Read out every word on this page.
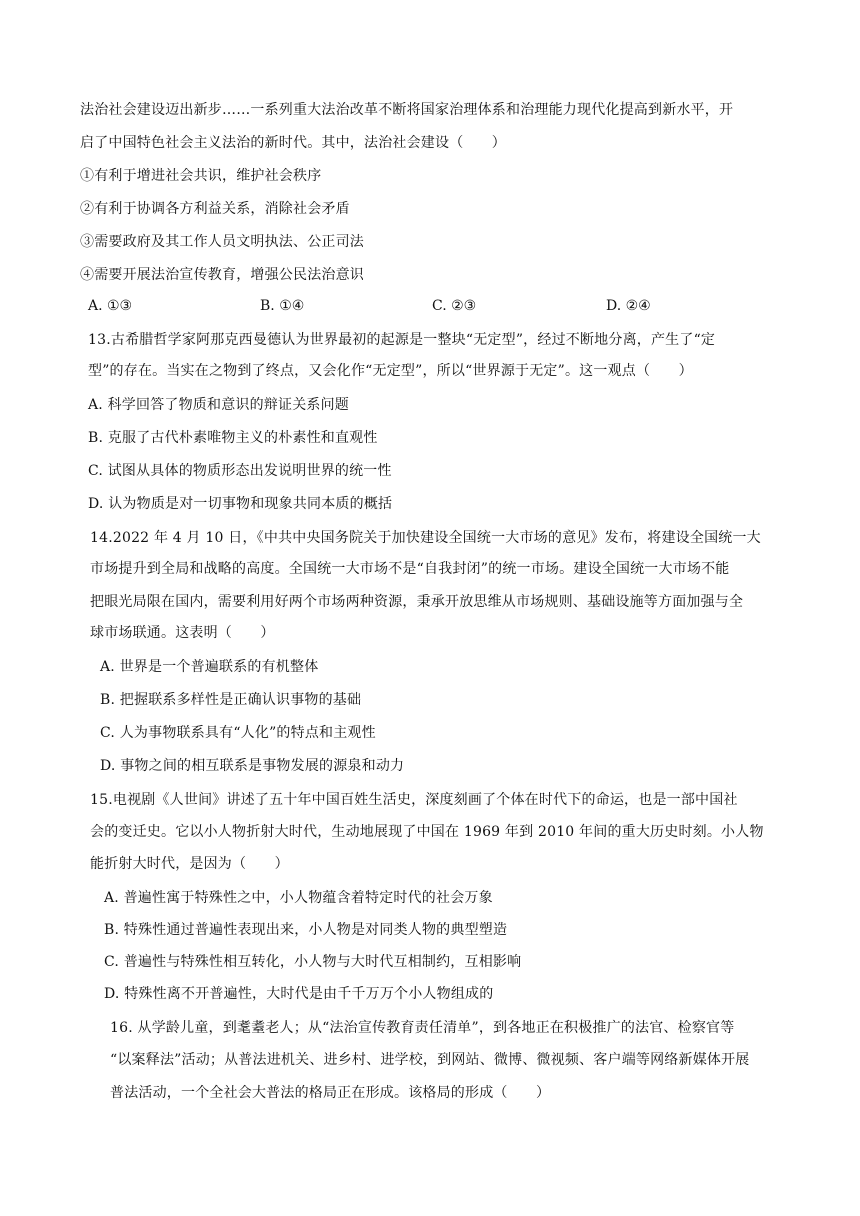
法治社会建设迈出新步……一系列重大法治改革不断将国家治理体系和治理能力现代化提高到新水平，开
启了中国特色社会主义法治的新时代。其中，法治社会建设（　　）
①有利于增进社会共识，维护社会秩序
②有利于协调各方利益关系，消除社会矛盾
③需要政府及其工作人员文明执法、公正司法
④需要开展法治宣传教育，增强公民法治意识
A. ①③	B. ①④	C. ②③	D. ②④
13.古希腊哲学家阿那克西曼德认为世界最初的起源是一整块“无定型”，经过不断地分离，产生了“定
型”的存在。当实在之物到了终点，又会化作“无定型”，所以“世界源于无定”。这一观点（　　）
A. 科学回答了物质和意识的辩证关系问题
B. 克服了古代朴素唯物主义的朴素性和直观性
C. 试图从具体的物质形态出发说明世界的统一性
D. 认为物质是对一切事物和现象共同本质的概括
14.2022 年 4 月 10 日，《中共中央国务院关于加快建设全国统一大市场的意见》发布，将建设全国统一大
市场提升到全局和战略的高度。全国统一大市场不是“自我封闭”的统一市场。建设全国统一大市场不能
把眼光局限在国内，需要利用好两个市场两种资源，秉承开放思维从市场规则、基础设施等方面加强与全
球市场联通。这表明（　　）
A. 世界是一个普遍联系的有机整体
B. 把握联系多样性是正确认识事物的基础
C. 人为事物联系具有“人化”的特点和主观性
D. 事物之间的相互联系是事物发展的源泉和动力
15.电视剧《人世间》讲述了五十年中国百姓生活史，深度刻画了个体在时代下的命运，也是一部中国社
会的变迁史。它以小人物折射大时代，生动地展现了中国在 1969 年到 2010 年间的重大历史时刻。小人物
能折射大时代，是因为（　　）
A. 普遍性寓于特殊性之中，小人物蕴含着特定时代的社会万象
B. 特殊性通过普遍性表现出来，小人物是对同类人物的典型塑造
C. 普遍性与特殊性相互转化，小人物与大时代互相制约，互相影响
D. 特殊性离不开普遍性，大时代是由千千万万个小人物组成的
16. 从学龄儿童，到耄耋老人；从“法治宣传教育责任清单”，到各地正在积极推广的法官、检察官等
“以案释法”活动；从普法进机关、进乡村、进学校，到网站、微博、微视频、客户端等网络新媒体开展
普法活动，一个全社会大普法的格局正在形成。该格局的形成（　　）
